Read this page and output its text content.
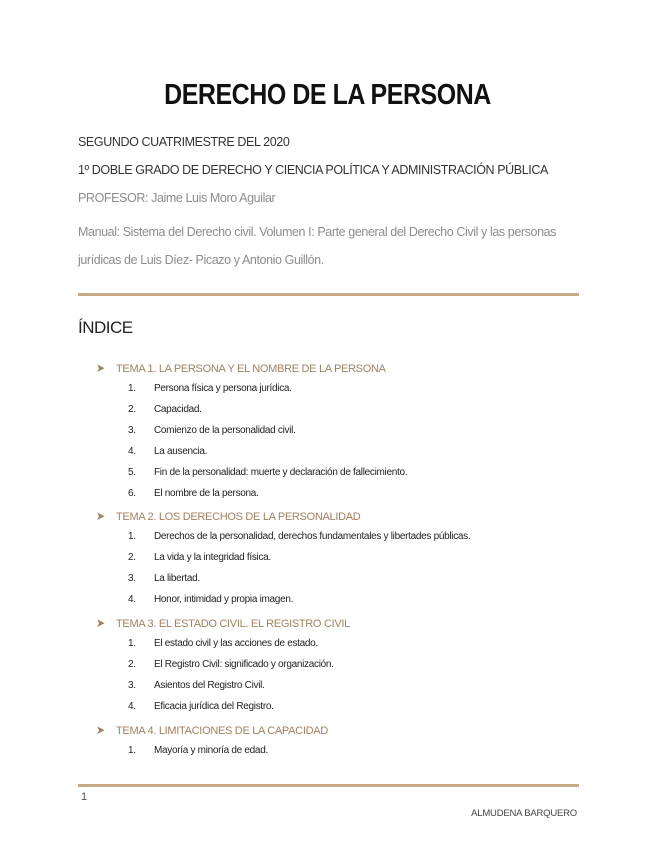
DERECHO DE LA PERSONA
SEGUNDO CUATRIMESTRE DEL 2020
1º DOBLE GRADO DE DERECHO Y CIENCIA POLÍTICA Y ADMINISTRACIÓN PÚBLICA
PROFESOR: Jaime Luis Moro Aguilar
Manual: Sistema del Derecho civil. Volumen I: Parte general del Derecho Civil y las personas jurídicas de Luis Díez- Picazo y Antonio Guillón.
ÍNDICE
➤ TEMA 1. LA PERSONA Y EL NOMBRE DE LA PERSONA
1. Persona física y persona jurídica.
2. Capacidad.
3. Comienzo de la personalidad civil.
4. La ausencia.
5. Fin de la personalidad: muerte y declaración de fallecimiento.
6. El nombre de la persona.
➤ TEMA 2. LOS DERECHOS DE LA PERSONALIDAD
1. Derechos de la personalidad, derechos fundamentales y libertades públicas.
2. La vida y la integridad física.
3. La libertad.
4. Honor, intimidad y propia imagen.
➤ TEMA 3. EL ESTADO CIVIL. EL REGISTRO CIVIL
1. El estado civil y las acciones de estado.
2. El Registro Civil: significado y organización.
3. Asientos del Registro Civil.
4. Eficacia jurídica del Registro.
➤ TEMA 4. LIMITACIONES DE LA CAPACIDAD
1. Mayoría y minoría de edad.
1
ALMUDENA BARQUERO
